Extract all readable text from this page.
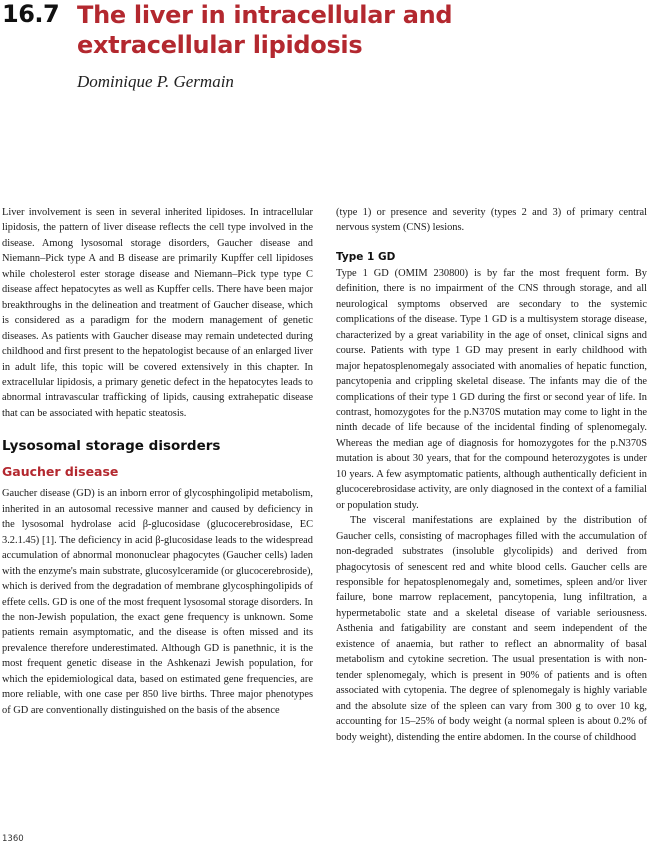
16.7 The liver in intracellular and extracellular lipidosis
Dominique P. Germain

Liver involvement is seen in several inherited lipidoses. In intracellular lipidosis, the pattern of liver disease reflects the cell type involved in the disease. Among lysosomal storage disorders, Gaucher disease and Niemann–Pick type A and B disease are primarily Kupffer cell lipidoses while cholesterol ester storage disease and Niemann–Pick type type C disease affect hepatocytes as well as Kupffer cells. There have been major breakthroughs in the delineation and treatment of Gaucher disease, which is considered as a paradigm for the modern management of genetic diseases. As patients with Gaucher disease may remain undetected during childhood and first present to the hepatologist because of an enlarged liver in adult life, this topic will be covered extensively in this chapter. In extracellular lipidosis, a primary genetic defect in the hepatocytes leads to abnormal intravascular trafficking of lipids, causing extrahepatic disease that can be associated with hepatic steatosis.

Lysosomal storage disorders
Gaucher disease

Gaucher disease (GD) is an inborn error of glycosphingolipid metabolism, inherited in an autosomal recessive manner and caused by deficiency in the lysosomal hydrolase acid β-glucosidase (glucocerebrosidase, EC 3.2.1.45) [1]. The deficiency in acid β-glucosidase leads to the widespread accumulation of abnormal mononuclear phagocytes (Gaucher cells) laden with the enzyme's main substrate, glucosylceramide (or glucocerebroside), which is derived from the degradation of membrane glycosphingolipids of effete cells. GD is one of the most frequent lysosomal storage disorders. In the non-Jewish population, the exact gene frequency is unknown. Some patients remain asymptomatic, and the disease is often missed and its prevalence therefore underestimated. Although GD is panethnic, it is the most frequent genetic disease in the Ashkenazi Jewish population, for which the epidemiological data, based on estimated gene frequencies, are more reliable, with one case per 850 live births. Three major phenotypes of GD are conventionally distinguished on the basis of the absence

(type 1) or presence and severity (types 2 and 3) of primary central nervous system (CNS) lesions.

Type 1 GD

Type 1 GD (OMIM 230800) is by far the most frequent form. By definition, there is no impairment of the CNS through storage, and all neurological symptoms observed are secondary to the systemic complications of the disease. Type 1 GD is a multisystem storage disease, characterized by a great variability in the age of onset, clinical signs and course. Patients with type 1 GD may present in early childhood with major hepatosplenomegaly associated with anomalies of hepatic function, pancytopenia and crippling skeletal disease. The infants may die of the complications of their type 1 GD during the first or second year of life. In contrast, homozygotes for the p.N370S mutation may come to light in the ninth decade of life because of the incidental finding of splenomegaly. Whereas the median age of diagnosis for homozygotes for the p.N370S mutation is about 30 years, that for the compound heterozygotes is under 10 years. A few asymptomatic patients, although authentically deficient in glucocerebrosidase activity, are only diagnosed in the context of a familial or population study.

The visceral manifestations are explained by the distribution of Gaucher cells, consisting of macrophages filled with the accumulation of non-degraded substrates (insoluble glycolipids) and derived from phagocytosis of senescent red and white blood cells. Gaucher cells are responsible for hepatosplenomegaly and, sometimes, spleen and/or liver failure, bone marrow replacement, pancytopenia, lung infiltration, a hypermetabolic state and a skeletal disease of variable seriousness. Asthenia and fatigability are constant and seem independent of the existence of anaemia, but rather to reflect an abnormality of basal metabolism and cytokine secretion. The usual presentation is with non-tender splenomegaly, which is present in 90% of patients and is often associated with cytopenia. The degree of splenomegaly is highly variable and the absolute size of the spleen can vary from 300 g to over 10 kg, accounting for 15–25% of body weight (a normal spleen is about 0.2% of body weight), distending the entire abdomen. In the course of childhood

1360
